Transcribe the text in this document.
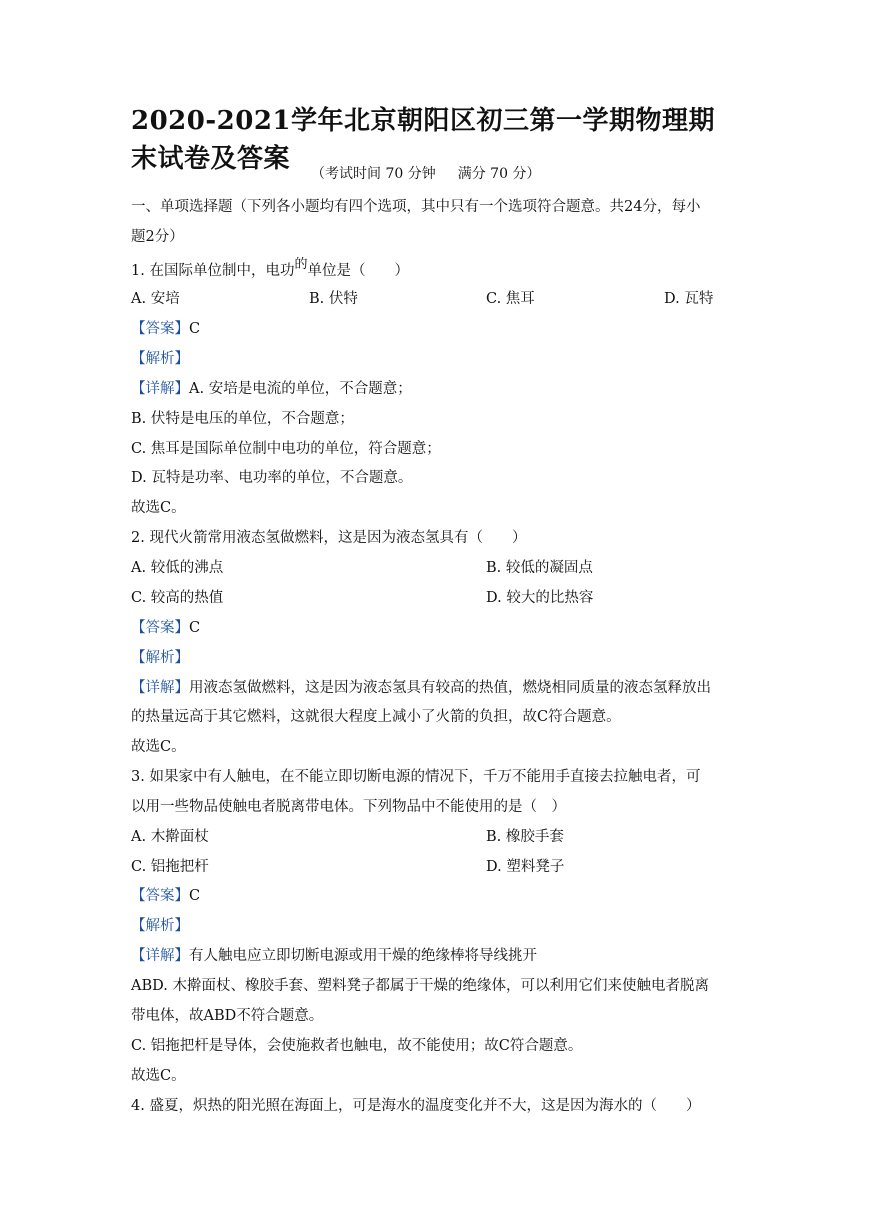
2020-2021学年北京朝阳区初三第一学期物理期末试卷及答案	（考试时间 70 分钟 满分 70 分）
一、单项选择题（下列各小题均有四个选项，其中只有一个选项符合题意。共24分，每小
题2分）
1. 在国际单位制中，电功的单位是（　　）
A. 安培	B. 伏特	C. 焦耳	D. 瓦特
【答案】C
【解析】
【详解】A. 安培是电流的单位，不合题意；
B. 伏特是电压的单位，不合题意；
C. 焦耳是国际单位制中电功的单位，符合题意；
D. 瓦特是功率、电功率的单位，不合题意。
故选C。
2. 现代火箭常用液态氢做燃料，这是因为液态氢具有（　　）
A. 较低的沸点	B. 较低的凝固点
C. 较高的热值	D. 较大的比热容
【答案】C
【解析】
【详解】用液态氢做燃料，这是因为液态氢具有较高的热值，燃烧相同质量的液态氢释放出
的热量远高于其它燃料，这就很大程度上减小了火箭的负担，故C符合题意。
故选C。
3. 如果家中有人触电，在不能立即切断电源的情况下，千万不能用手直接去拉触电者，可
以用一些物品使触电者脱离带电体。下列物品中不能使用的是（　）
A. 木擀面杖	B. 橡胶手套
C. 铝拖把杆	D. 塑料凳子
【答案】C
【解析】
【详解】有人触电应立即切断电源或用干燥的绝缘棒将导线挑开
ABD. 木擀面杖、橡胶手套、塑料凳子都属于干燥的绝缘体，可以利用它们来使触电者脱离
带电体，故ABD不符合题意。
C. 铝拖把杆是导体，会使施救者也触电，故不能使用；故C符合题意。
故选C。
4. 盛夏，炽热的阳光照在海面上，可是海水的温度变化并不大，这是因为海水的（　　）
